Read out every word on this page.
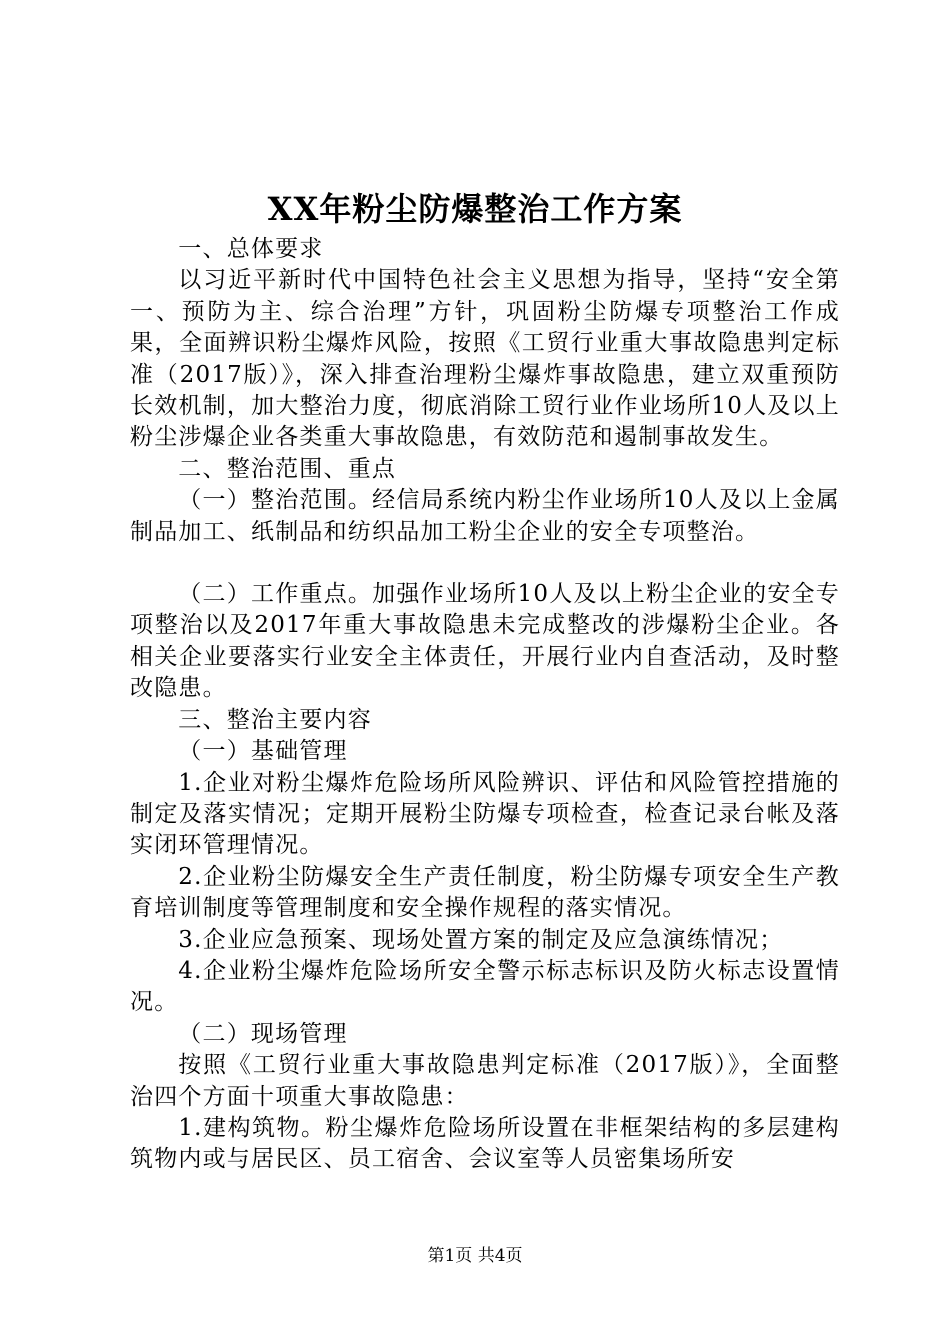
XX年粉尘防爆整治工作方案

一、总体要求

以习近平新时代中国特色社会主义思想为指导，坚持“安全第一、预防为主、综合治理”方针，巩固粉尘防爆专项整治工作成果，全面辨识粉尘爆炸风险，按照《工贸行业重大事故隐患判定标准（2017版）》，深入排查治理粉尘爆炸事故隐患，建立双重预防长效机制，加大整治力度，彻底消除工贸行业作业场所10人及以上粉尘涉爆企业各类重大事故隐患，有效防范和遏制事故发生。

二、整治范围、重点

（一）整治范围。经信局系统内粉尘作业场所10人及以上金属制品加工、纸制品和纺织品加工粉尘企业的安全专项整治。

（二）工作重点。加强作业场所10人及以上粉尘企业的安全专项整治以及2017年重大事故隐患未完成整改的涉爆粉尘企业。各相关企业要落实行业安全主体责任，开展行业内自查活动，及时整改隐患。

三、整治主要内容

（一）基础管理

1.企业对粉尘爆炸危险场所风险辨识、评估和风险管控措施的制定及落实情况；定期开展粉尘防爆专项检查，检查记录台帐及落实闭环管理情况。

2.企业粉尘防爆安全生产责任制度，粉尘防爆专项安全生产教育培训制度等管理制度和安全操作规程的落实情况。

3.企业应急预案、现场处置方案的制定及应急演练情况；

4.企业粉尘爆炸危险场所安全警示标志标识及防火标志设置情况。

（二）现场管理

按照《工贸行业重大事故隐患判定标准（2017版）》，全面整治四个方面十项重大事故隐患：

1.建构筑物。粉尘爆炸危险场所设置在非框架结构的多层建构筑物内或与居民区、员工宿舍、会议室等人员密集场所安

第1页 共4页
